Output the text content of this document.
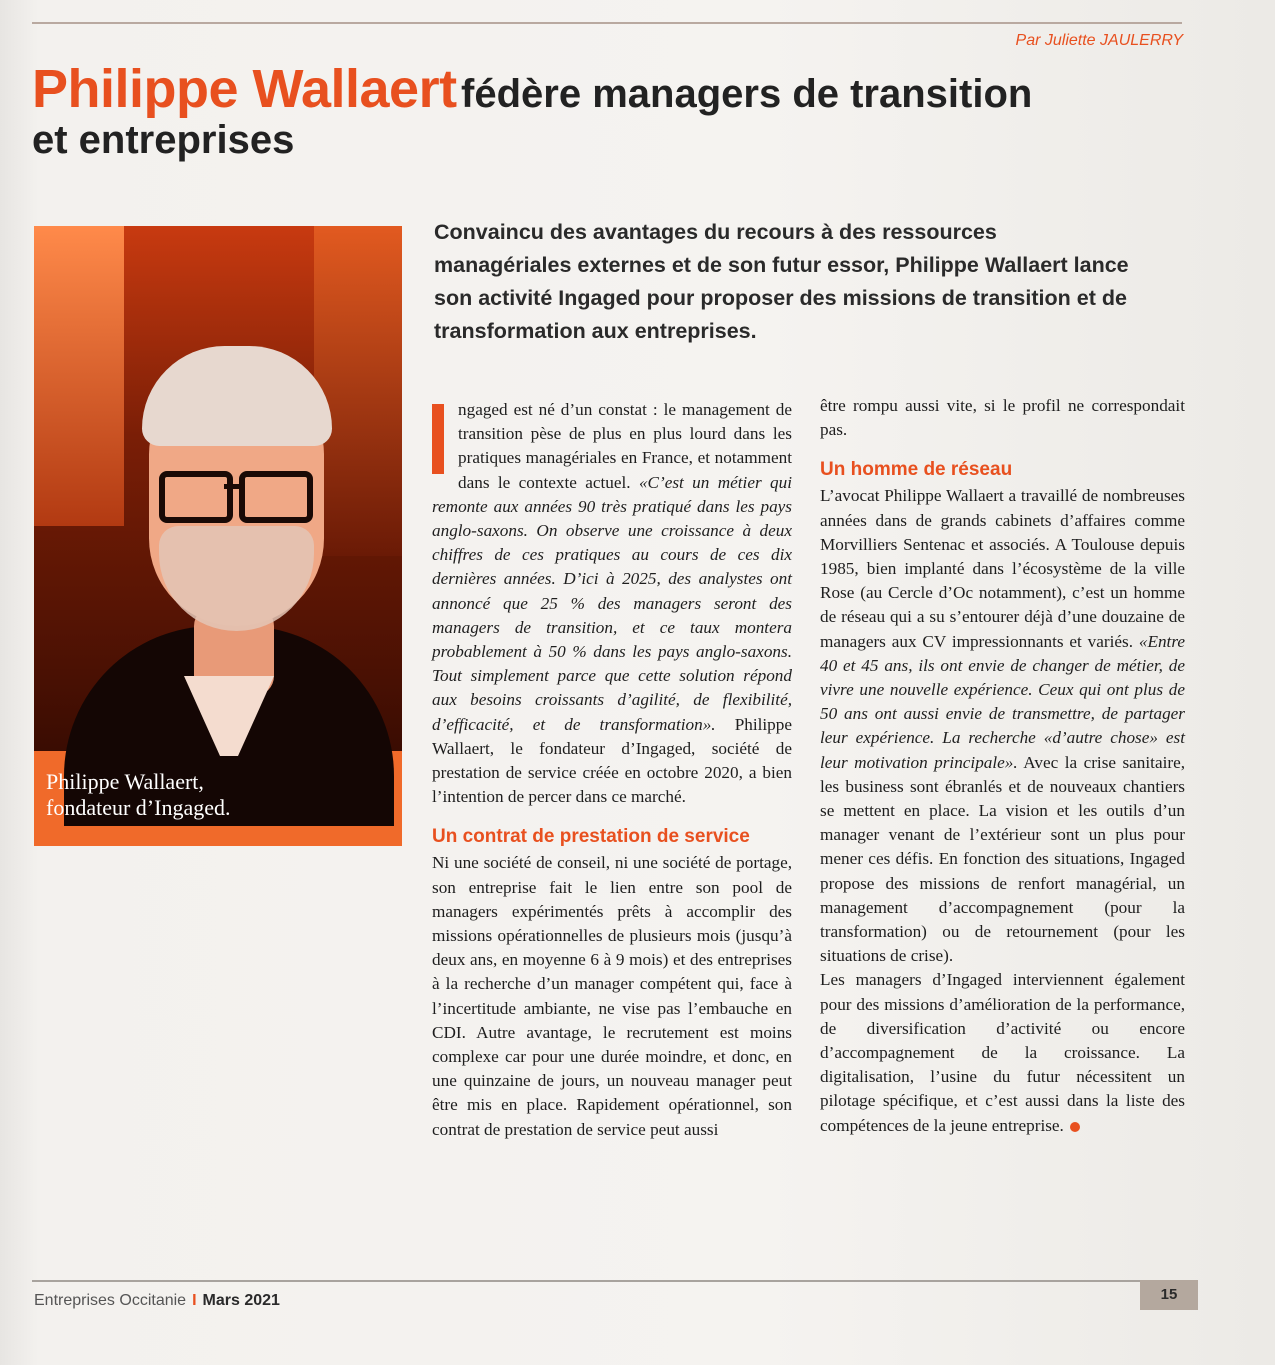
Par Juliette JAULERRY
Philippe Wallaert fédère managers de transition
et entreprises
Philippe Wallaert,
fondateur d’Ingaged.
Convaincu des avantages du recours à des ressources managériales externes et de son futur essor, Philippe Wallaert lance son activité Ingaged pour proposer des missions de transition et de transformation aux entreprises.

ngaged est né d’un constat : le management de transition pèse de plus en plus lourd dans les pratiques managériales en France, et notamment dans le contexte actuel. «C’est un métier qui remonte aux années 90 très pratiqué dans les pays anglo-saxons. On observe une croissance à deux chiffres de ces pratiques au cours de ces dix dernières années. D’ici à 2025, des analystes ont annoncé que 25 % des managers seront des managers de transition, et ce taux montera probablement à 50 % dans les pays anglo-saxons. Tout simplement parce que cette solution répond aux besoins croissants d’agilité, de flexibilité, d’efficacité, et de transformation». Philippe Wallaert, le fondateur d’Ingaged, société de prestation de service créée en octobre 2020, a bien l’intention de percer dans ce marché.

Un contrat de prestation de service

Ni une société de conseil, ni une société de portage, son entreprise fait le lien entre son pool de managers expérimentés prêts à accomplir des missions opérationnelles de plusieurs mois (jusqu’à deux ans, en moyenne 6 à 9 mois) et des entreprises à la recherche d’un manager compétent qui, face à l’incertitude ambiante, ne vise pas l’embauche en CDI. Autre avantage, le recrutement est moins complexe car pour une durée moindre, et donc, en une quinzaine de jours, un nouveau manager peut être mis en place. Rapidement opérationnel, son contrat de prestation de service peut aussi

être rompu aussi vite, si le profil ne correspondait pas.

Un homme de réseau

L’avocat Philippe Wallaert a travaillé de nombreuses années dans de grands cabinets d’affaires comme Morvilliers Sentenac et associés. A Toulouse depuis 1985, bien implanté dans l’écosystème de la ville Rose (au Cercle d’Oc notamment), c’est un homme de réseau qui a su s’entourer déjà d’une douzaine de managers aux CV impressionnants et variés. «Entre 40 et 45 ans, ils ont envie de changer de métier, de vivre une nouvelle expérience. Ceux qui ont plus de 50 ans ont aussi envie de transmettre, de partager leur expérience. La recherche «d’autre chose» est leur motivation principale». Avec la crise sanitaire, les business sont ébranlés et de nouveaux chantiers se mettent en place. La vision et les outils d’un manager venant de l’extérieur sont un plus pour mener ces défis. En fonction des situations, Ingaged propose des missions de renfort managérial, un management d’accompagnement (pour la transformation) ou de retournement (pour les situations de crise).

Les managers d’Ingaged interviennent également pour des missions d’amélioration de la performance, de diversification d’activité ou encore d’accompagnement de la croissance. La digitalisation, l’usine du futur nécessitent un pilotage spécifique, et c’est aussi dans la liste des compétences de la jeune entreprise.

Entreprises Occitanie I Mars 2021	15
